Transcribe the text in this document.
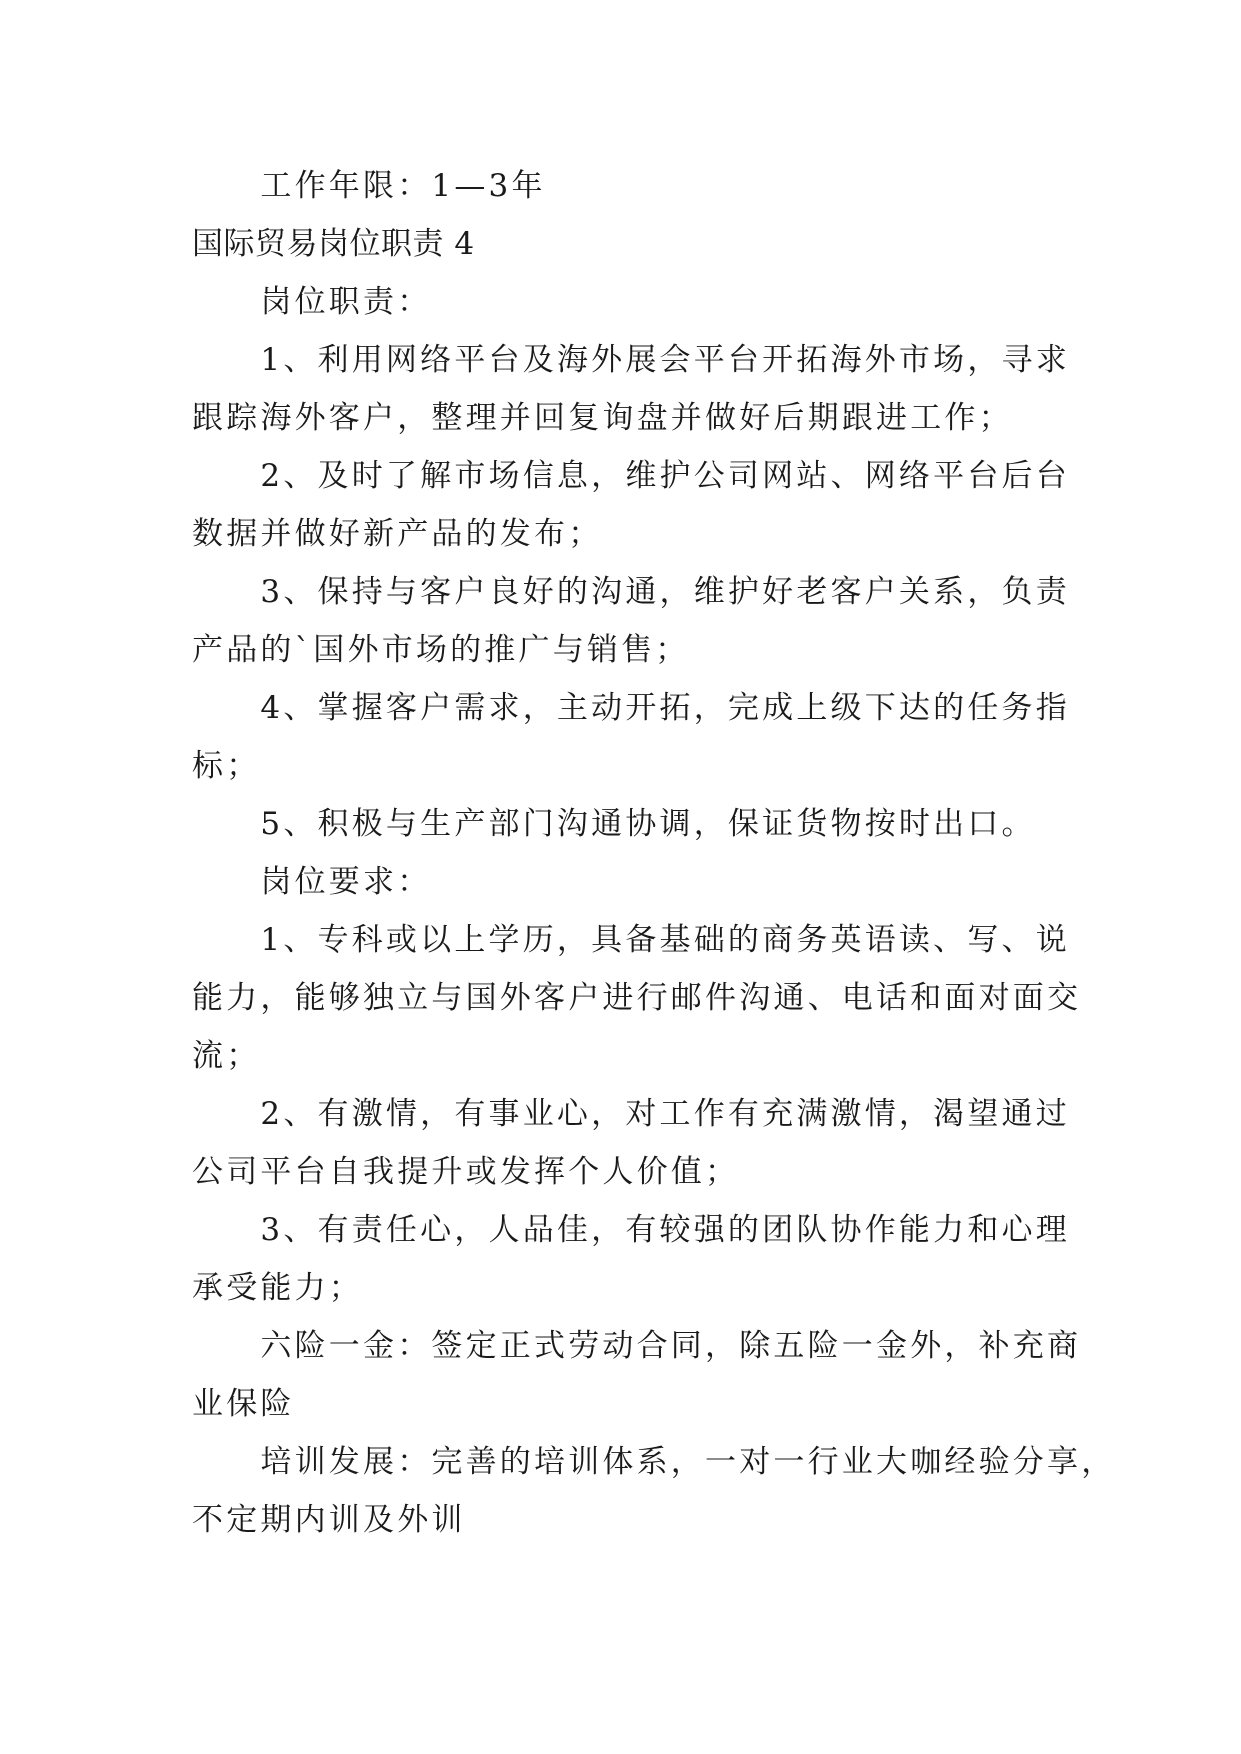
　　工作年限：1—3年
国际贸易岗位职责 4
　　岗位职责：
　　1、利用网络平台及海外展会平台开拓海外市场，寻求
跟踪海外客户，整理并回复询盘并做好后期跟进工作；
　　2、及时了解市场信息，维护公司网站、网络平台后台
数据并做好新产品的发布；
　　3、保持与客户良好的沟通，维护好老客户关系，负责
产品的`国外市场的推广与销售；
　　4、掌握客户需求，主动开拓，完成上级下达的任务指
标；
　　5、积极与生产部门沟通协调，保证货物按时出口。
　　岗位要求：
　　1、专科或以上学历，具备基础的商务英语读、写、说
能力，能够独立与国外客户进行邮件沟通、电话和面对面交
流；
　　2、有激情，有事业心，对工作有充满激情，渴望通过
公司平台自我提升或发挥个人价值；
　　3、有责任心，人品佳，有较强的团队协作能力和心理
承受能力；
　　六险一金：签定正式劳动合同，除五险一金外，补充商
业保险
　　培训发展：完善的培训体系，一对一行业大咖经验分享，
不定期内训及外训
